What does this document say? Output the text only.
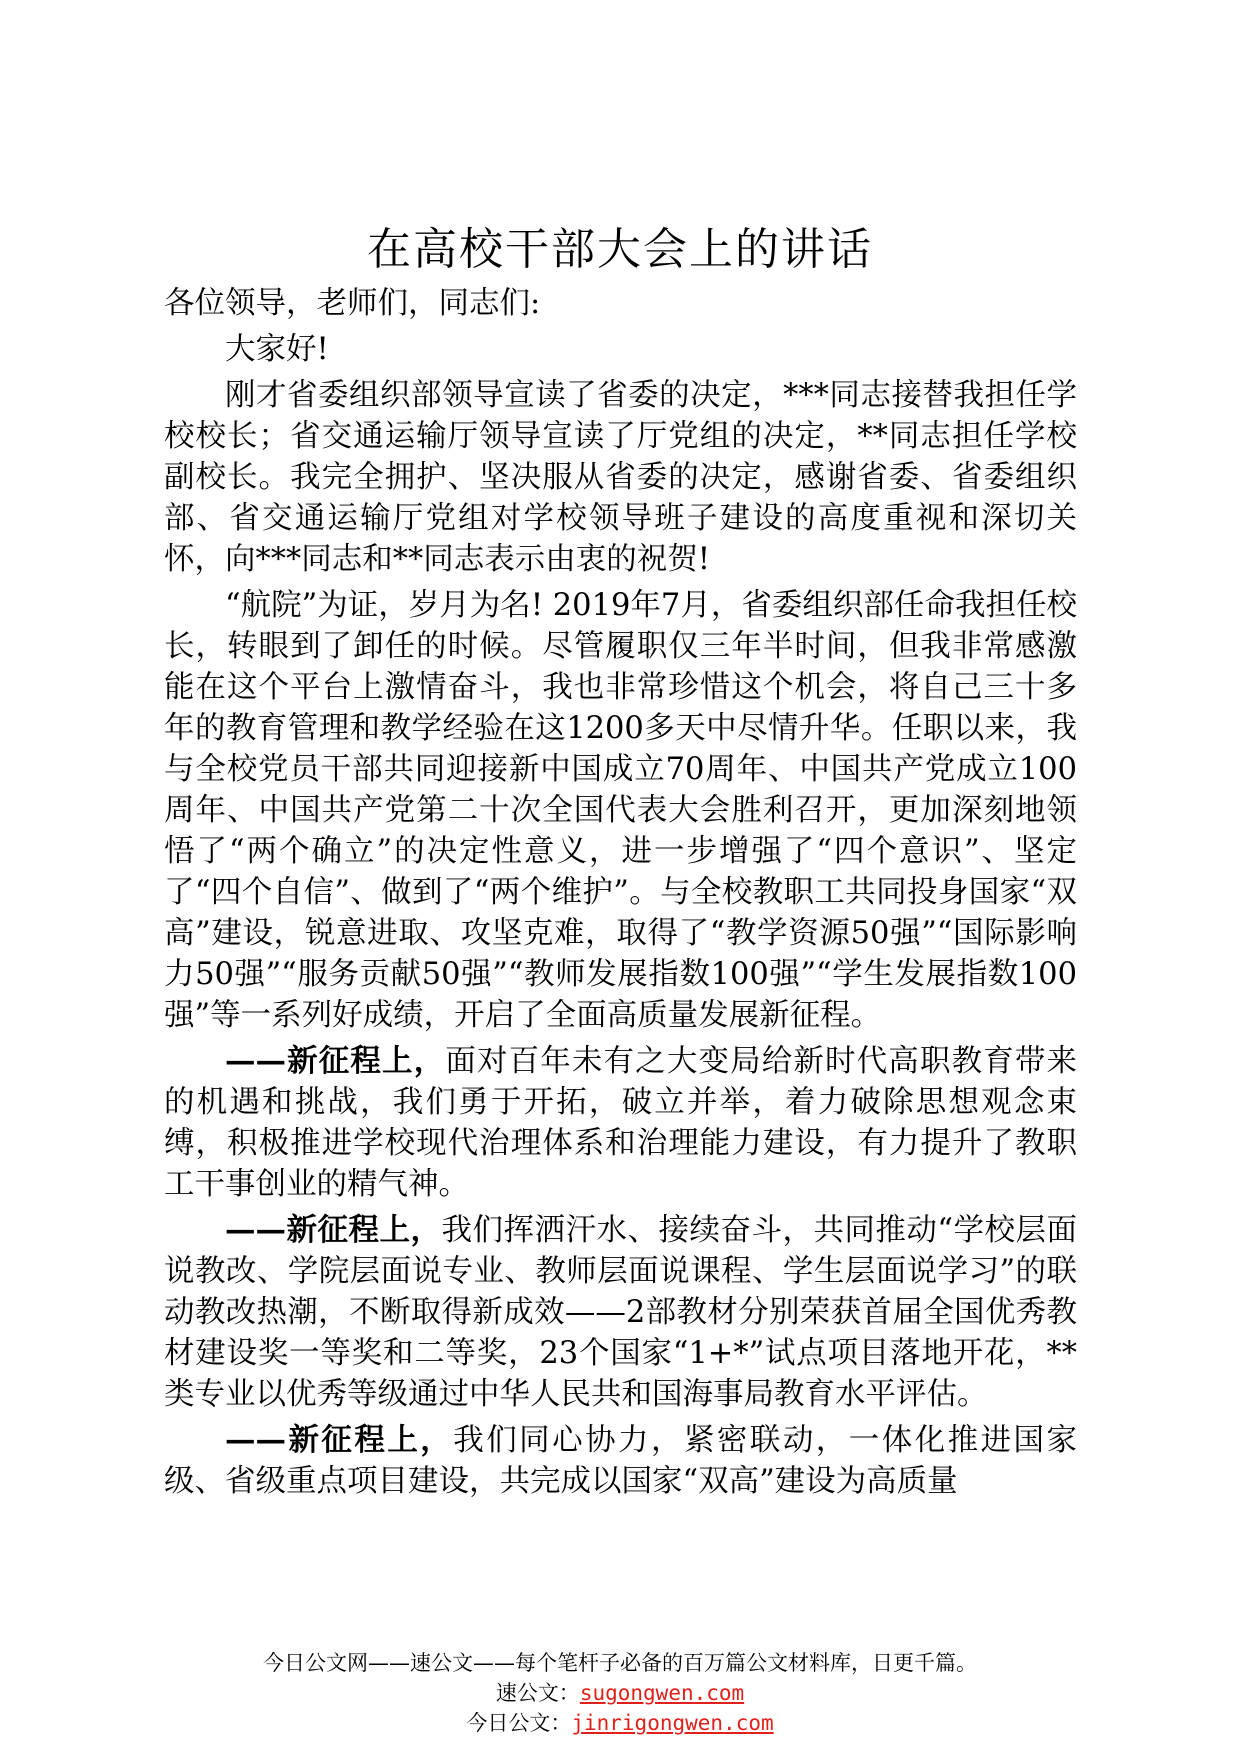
在高校干部大会上的讲话

各位领导，老师们，同志们:

大家好!

刚才省委组织部领导宣读了省委的决定，***同志接替我担任学校校长；省交通运输厅领导宣读了厅党组的决定，**同志担任学校副校长。我完全拥护、坚决服从省委的决定，感谢省委、省委组织部、省交通运输厅党组对学校领导班子建设的高度重视和深切关怀，向***同志和**同志表示由衷的祝贺!

“航院”为证，岁月为名! 2019年7月，省委组织部任命我担任校长，转眼到了卸任的时候。尽管履职仅三年半时间，但我非常感激能在这个平台上激情奋斗，我也非常珍惜这个机会，将自己三十多年的教育管理和教学经验在这1200多天中尽情升华。任职以来，我与全校党员干部共同迎接新中国成立70周年、中国共产党成立100周年、中国共产党第二十次全国代表大会胜利召开，更加深刻地领悟了“两个确立”的决定性意义，进一步增强了“四个意识”、坚定了“四个自信”、做到了“两个维护”。与全校教职工共同投身国家“双高”建设，锐意进取、攻坚克难，取得了“教学资源50强”“国际影响力50强”“服务贡献50强”“教师发展指数100强”“学生发展指数100强”等一系列好成绩，开启了全面高质量发展新征程。

——新征程上，面对百年未有之大变局给新时代高职教育带来的机遇和挑战，我们勇于开拓，破立并举，着力破除思想观念束缚，积极推进学校现代治理体系和治理能力建设，有力提升了教职工干事创业的精气神。

——新征程上，我们挥洒汗水、接续奋斗，共同推动“学校层面说教改、学院层面说专业、教师层面说课程、学生层面说学习”的联动教改热潮，不断取得新成效——2部教材分别荣获首届全国优秀教材建设奖一等奖和二等奖，23个国家“1+*”试点项目落地开花，**类专业以优秀等级通过中华人民共和国海事局教育水平评估。

——新征程上，我们同心协力，紧密联动，一体化推进国家级、省级重点项目建设，共完成以国家“双高”建设为高质量

今日公文网——速公文——每个笔杆子必备的百万篇公文材料库，日更千篇。
速公文：sugongwen.com
今日公文：jinrigongwen.com
